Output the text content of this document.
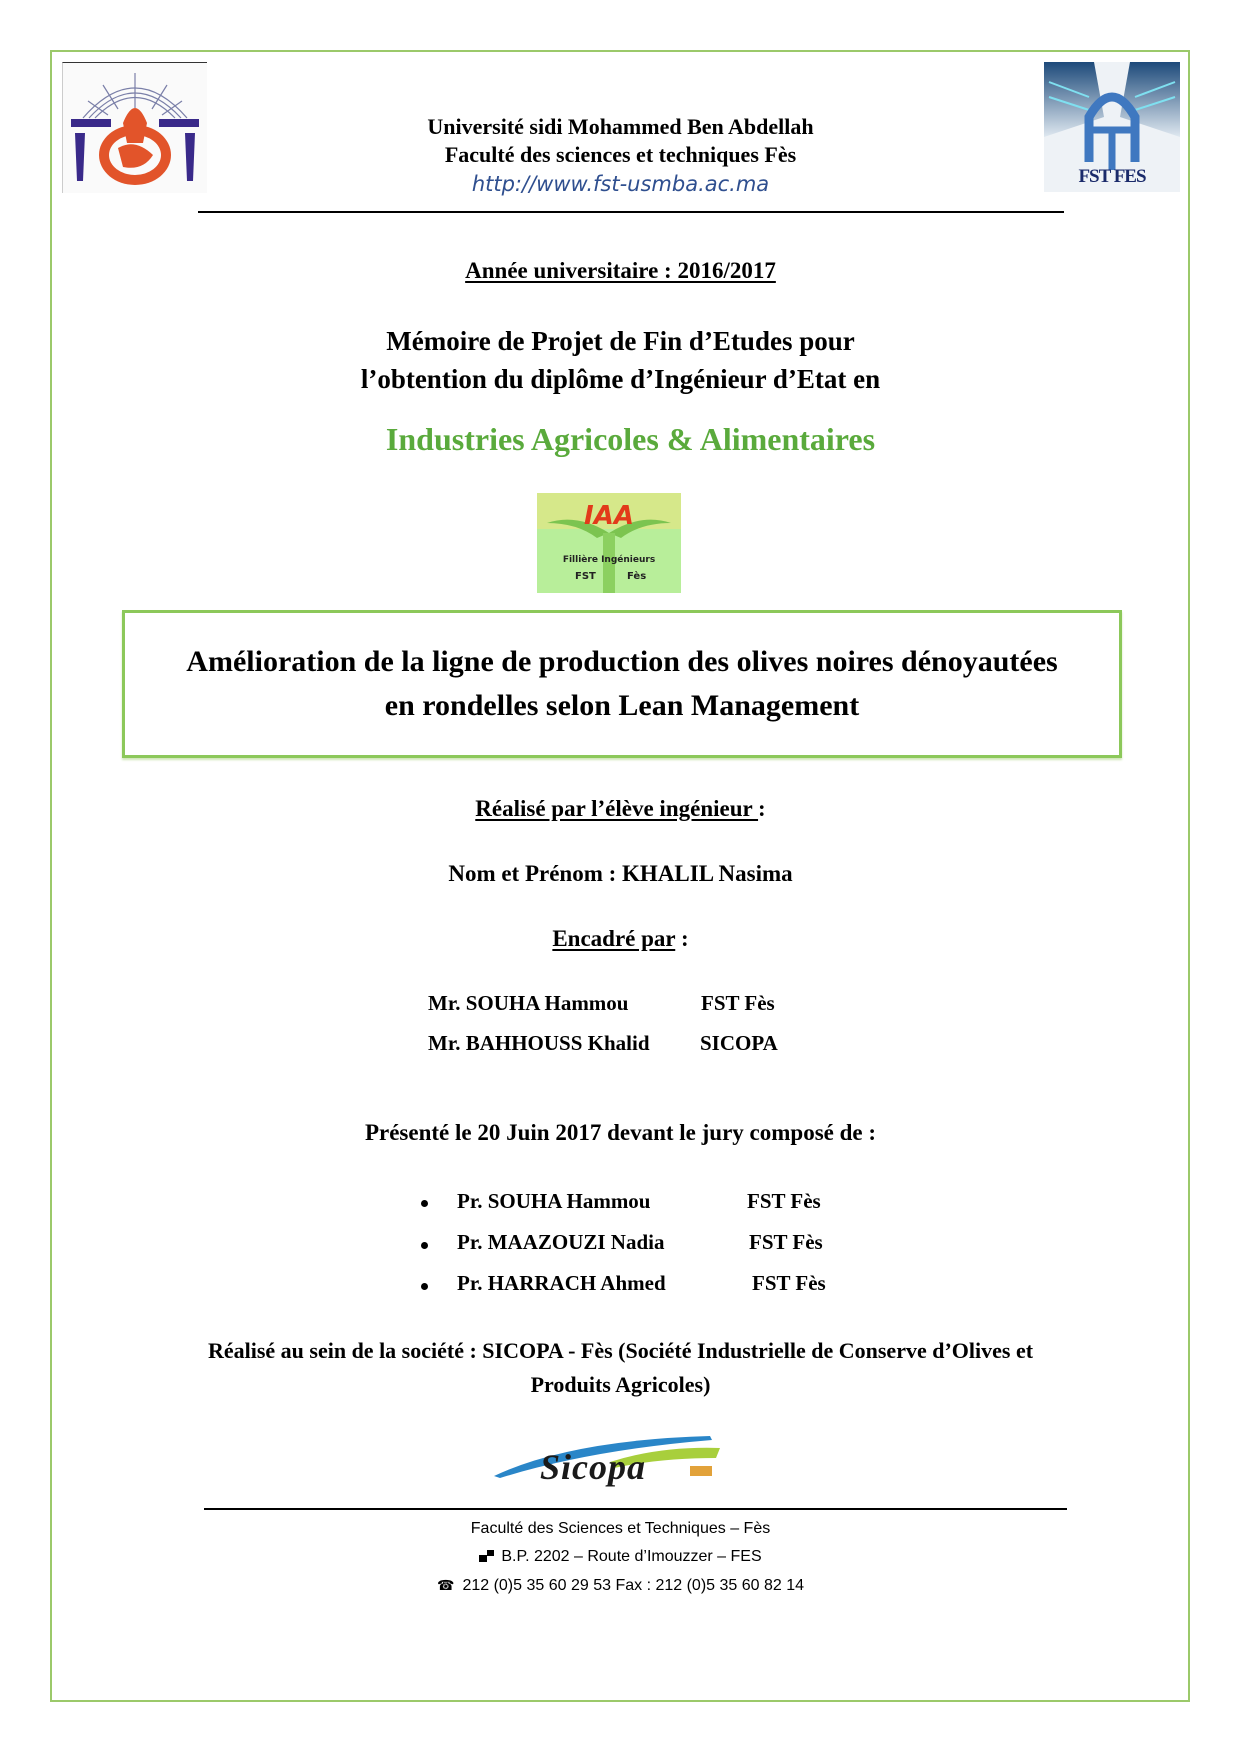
FST FES
Université sidi Mohammed Ben Abdellah
Faculté des sciences et techniques Fès
http://www.fst-usmba.ac.ma
Année universitaire : 2016/2017
Mémoire de Projet de Fin d’Etudes pour
l’obtention du diplôme d’Ingénieur d’Etat en
Industries Agricoles & Alimentaires
IAA
Fillière Ingénieurs
FST	Fès
Amélioration de la ligne de production des olives noires dénoyautées
en rondelles selon Lean Management
Réalisé par l’élève ingénieur :
Nom et Prénom : KHALIL Nasima
Encadré par :
Mr. SOUHA Hammou	FST Fès
Mr. BAHHOUSS Khalid SICOPA
Présenté le 20 Juin 2017 devant le jury composé de :
Pr. SOUHA Hammou	FST Fès
Pr. MAAZOUZI Nadia	FST Fès
Pr. HARRACH Ahmed	FST Fès
Réalisé au sein de la société : SICOPA - Fès (Société Industrielle de Conserve d’Olives et
Produits Agricoles)
Sicopa
Faculté des Sciences et Techniques – Fès
B.P. 2202 – Route d’Imouzzer – FES
☎ 212 (0)5 35 60 29 53 Fax : 212 (0)5 35 60 82 14
